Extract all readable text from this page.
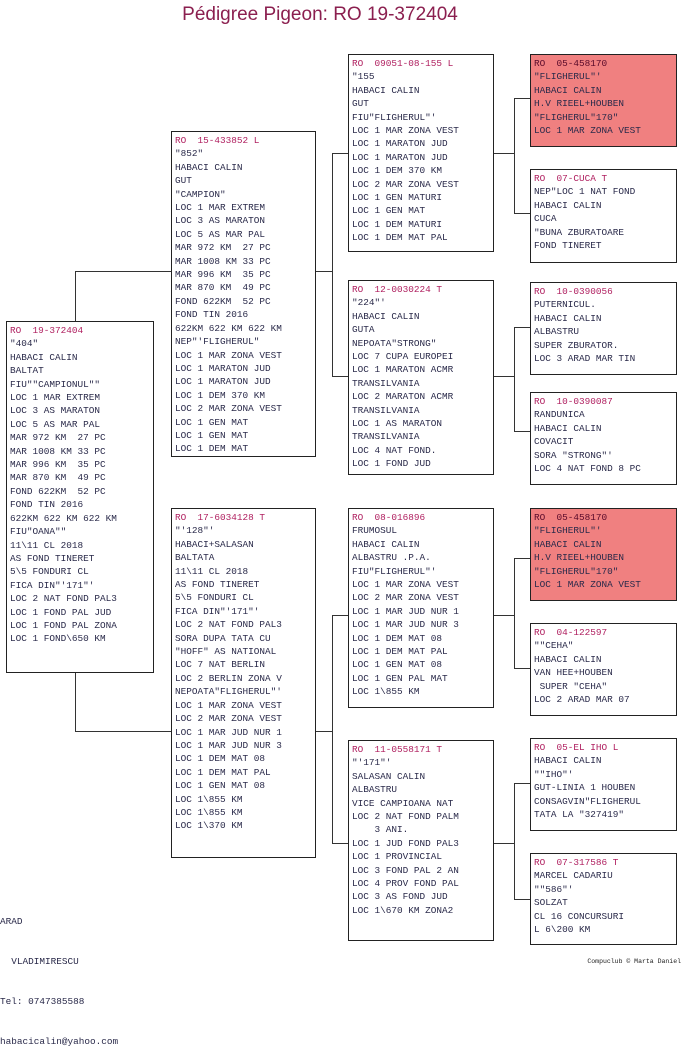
Pédigree Pigeon: RO 19-372404
RO  19-372404
"404"
HABACI CALIN
BALTAT
FIU""CAMPIONUL""
LOC 1 MAR EXTREM
LOC 3 AS MARATON
LOC 5 AS MAR PAL
MAR 972 KM  27 PC
MAR 1008 KM 33 PC
MAR 996 KM  35 PC
MAR 870 KM  49 PC
FOND 622KM  52 PC
FOND TIN 2016
622KM 622 KM 622 KM
FIU"OANA""
11\11 CL 2018
AS FOND TINERET
5\5 FONDURI CL
FICA DIN"'171"'
LOC 2 NAT FOND PAL3
LOC 1 FOND PAL JUD
LOC 1 FOND PAL ZONA
LOC 1 FOND\650 KM
RO  15-433852 L
"852"
HABACI CALIN
GUT
"CAMPION"
LOC 1 MAR EXTREM
LOC 3 AS MARATON
LOC 5 AS MAR PAL
MAR 972 KM  27 PC
MAR 1008 KM 33 PC
MAR 996 KM  35 PC
MAR 870 KM  49 PC
FOND 622KM  52 PC
FOND TIN 2016
622KM 622 KM 622 KM
NEP"'FLIGHERUL"
LOC 1 MAR ZONA VEST
LOC 1 MARATON JUD
LOC 1 MARATON JUD
LOC 1 DEM 370 KM
LOC 2 MAR ZONA VEST
LOC 1 GEN MAT
LOC 1 GEN MAT
LOC 1 DEM MAT
RO  17-6034128 T
"'128"'
HABACI+SALASAN
BALTATA
11\11 CL 2018
AS FOND TINERET
5\5 FONDURI CL
FICA DIN"'171"'
LOC 2 NAT FOND PAL3
SORA DUPA TATA CU
"HOFF" AS NATIONAL
LOC 7 NAT BERLIN
LOC 2 BERLIN ZONA V
NEPOATA"FLIGHERUL"'
LOC 1 MAR ZONA VEST
LOC 2 MAR ZONA VEST
LOC 1 MAR JUD NUR 1
LOC 1 MAR JUD NUR 3
LOC 1 DEM MAT 08
LOC 1 DEM MAT PAL
LOC 1 GEN MAT 08
LOC 1\855 KM
LOC 1\855 KM
LOC 1\370 KM
RO  09051-08-155 L
"155
HABACI CALIN
GUT
FIU"FLIGHERUL"'
LOC 1 MAR ZONA VEST
LOC 1 MARATON JUD
LOC 1 MARATON JUD
LOC 1 DEM 370 KM
LOC 2 MAR ZONA VEST
LOC 1 GEN MATURI
LOC 1 GEN MAT
LOC 1 DEM MATURI
LOC 1 DEM MAT PAL
RO  12-0030224 T
"224"'
HABACI CALIN
GUTA
NEPOATA"STRONG"
LOC 7 CUPA EUROPEI
LOC 1 MARATON ACMR
TRANSILVANIA
LOC 2 MARATON ACMR
TRANSILVANIA
LOC 1 AS MARATON
TRANSILVANIA
LOC 4 NAT FOND.
LOC 1 FOND JUD
RO  08-016896
FRUMOSUL
HABACI CALIN
ALBASTRU .P.A.
FIU"FLIGHERUL"'
LOC 1 MAR ZONA VEST
LOC 2 MAR ZONA VEST
LOC 1 MAR JUD NUR 1
LOC 1 MAR JUD NUR 3
LOC 1 DEM MAT 08
LOC 1 DEM MAT PAL
LOC 1 GEN MAT 08
LOC 1 GEN PAL MAT
LOC 1\855 KM
RO  11-0558171 T
"'171"'
SALASAN CALIN
ALBASTRU
VICE CAMPIOANA NAT
LOC 2 NAT FOND PALM
3 ANI.
LOC 1 JUD FOND PAL3
LOC 1 PROVINCIAL
LOC 3 FOND PAL 2 AN
LOC 4 PROV FOND PAL
LOC 3 AS FOND JUD
LOC 1\670 KM ZONA2
RO  05-458170
"FLIGHERUL"'
HABACI CALIN
H.V RIEEL+HOUBEN
"FLIGHERUL"170"
LOC 1 MAR ZONA VEST
RO  07-CUCA T
NEP"LOC 1 NAT FOND
HABACI CALIN
CUCA
"BUNA ZBURATOARE
FOND TINERET
RO  10-0390056
PUTERNICUL.
HABACI CALIN
ALBASTRU
SUPER ZBURATOR.
LOC 3 ARAD MAR TIN
RO  10-0390087
RANDUNICA
HABACI CALIN
COVACIT
SORA "STRONG"'
LOC 4 NAT FOND 8 PC
RO  05-458170
"FLIGHERUL"'
HABACI CALIN
H.V RIEEL+HOUBEN
"FLIGHERUL"170"
LOC 1 MAR ZONA VEST
RO  04-122597
""CEHA"
HABACI CALIN
VAN HEE+HOUBEN
SUPER "CEHA"
LOC 2 ARAD MAR 07
RO  05-EL IHO L
HABACI CALIN
""IHO"'
GUT-LINIA 1 HOUBEN
CONSAGVIN"FLIGHERUL
TATA LA "327419"
RO  07-317586 T
MARCEL CADARIU
""586"'
SOLZAT
CL 16 CONCURSURI
L 6\200 KM

ARAD

VLADIMIRESCU

Tel: 0747385588

habacicalin@yahoo.com

Compuclub © Marta Daniel
